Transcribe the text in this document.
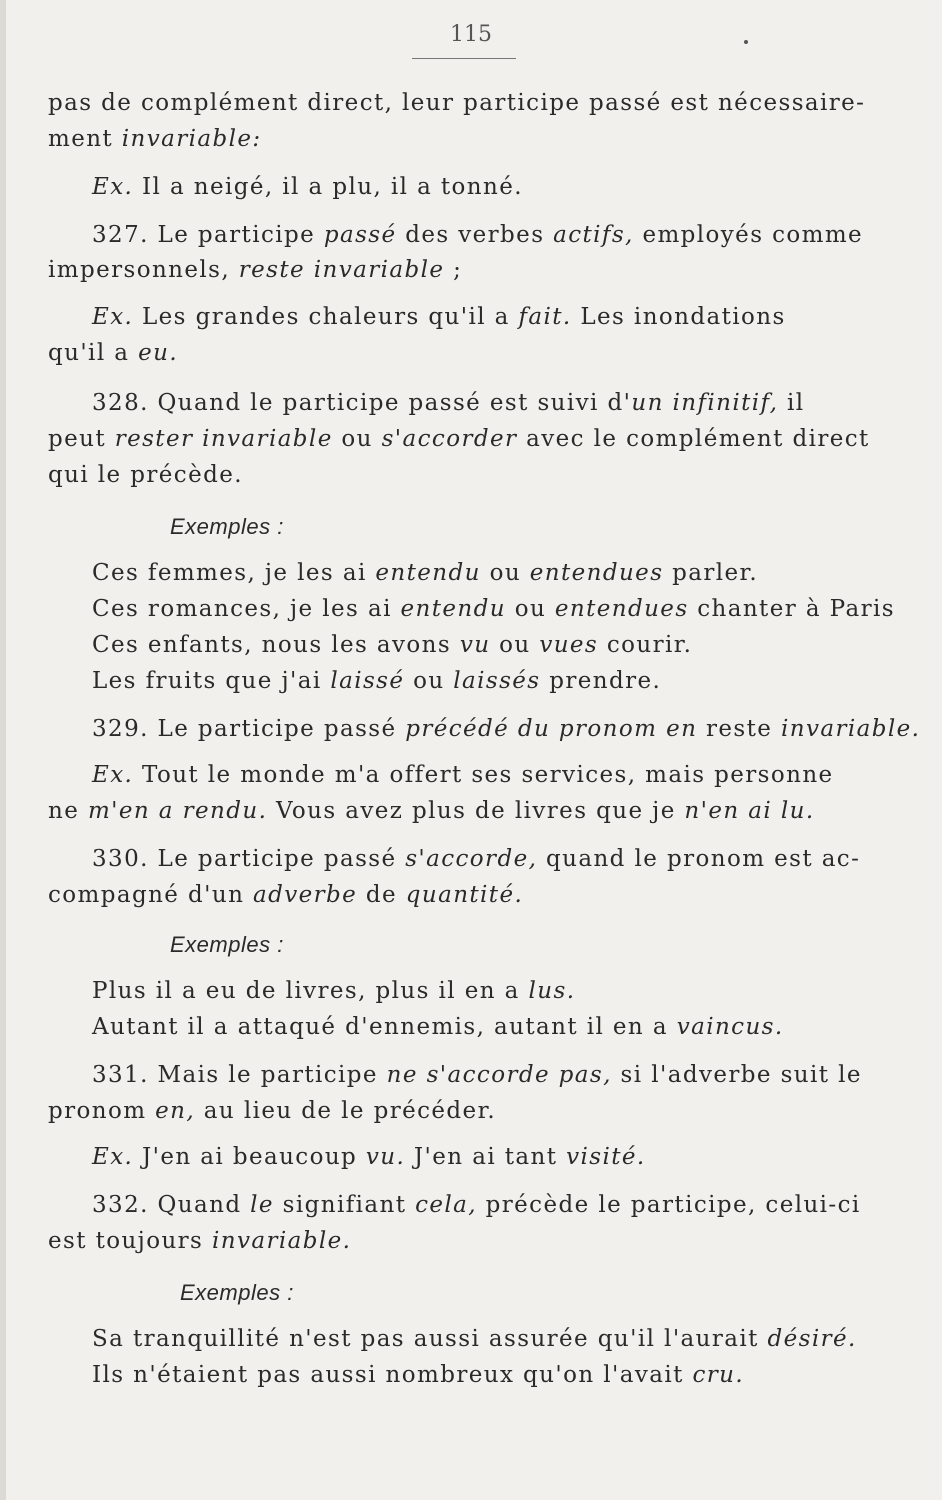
115
pas de complément direct, leur participe passé est nécessaire-
ment invariable:
Ex. Il a neigé, il a plu, il a tonné.
327. Le participe passé des verbes actifs, employés comme
impersonnels, reste invariable ;
Ex. Les grandes chaleurs qu'il a fait. Les inondations
qu'il a eu.
328. Quand le participe passé est suivi d'un infinitif, il
peut rester invariable ou s'accorder avec le complément direct
qui le précède.
Exemples :
Ces femmes, je les ai entendu ou entendues parler.
Ces romances, je les ai entendu ou entendues chanter à Paris
Ces enfants, nous les avons vu ou vues courir.
Les fruits que j'ai laissé ou laissés prendre.
329. Le participe passé précédé du pronom en reste invariable.
Ex. Tout le monde m'a offert ses services, mais personne
ne m'en a rendu. Vous avez plus de livres que je n'en ai lu.
330. Le participe passé s'accorde, quand le pronom est ac-
compagné d'un adverbe de quantité.
Exemples :
Plus il a eu de livres, plus il en a lus.
Autant il a attaqué d'ennemis, autant il en a vaincus.
331. Mais le participe ne s'accorde pas, si l'adverbe suit le
pronom en, au lieu de le précéder.
Ex. J'en ai beaucoup vu. J'en ai tant visité.
332. Quand le signifiant cela, précède le participe, celui-ci
est toujours invariable.
Exemples :
Sa tranquillité n'est pas aussi assurée qu'il l'aurait désiré.
Ils n'étaient pas aussi nombreux qu'on l'avait cru.
